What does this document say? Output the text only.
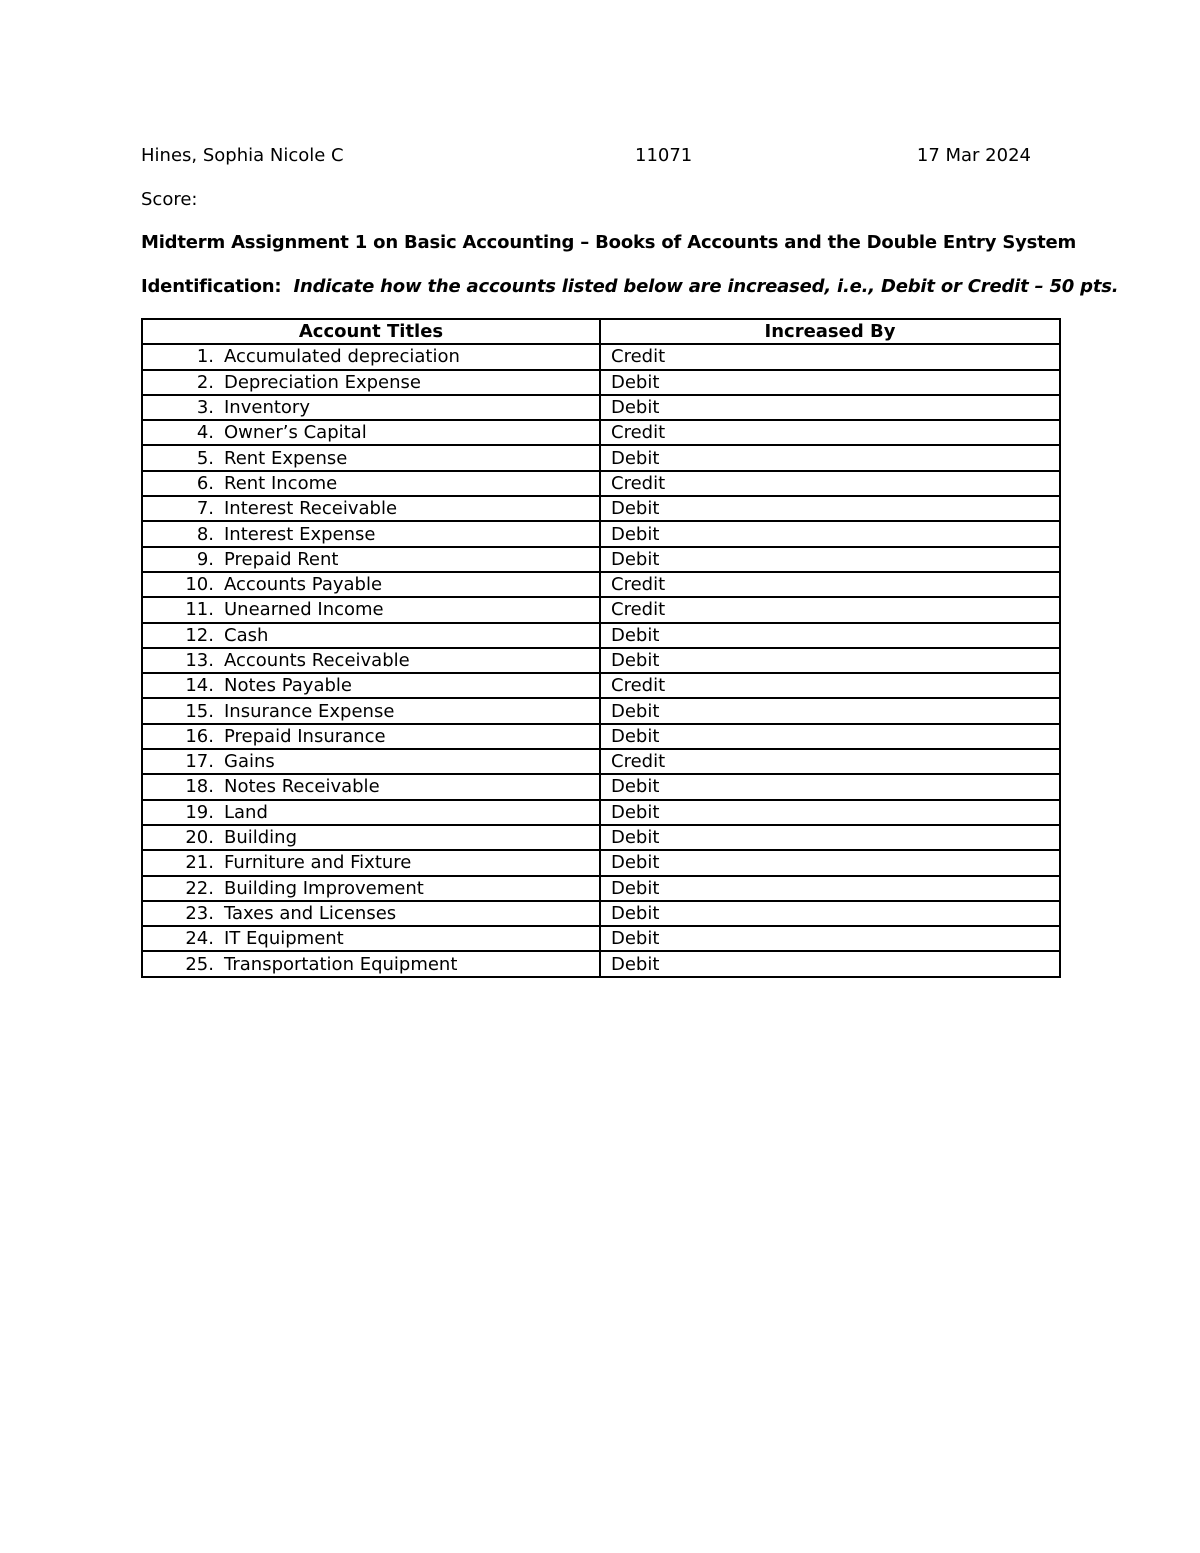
Hines, Sophia Nicole C	11071	17 Mar 2024
Score:
Midterm Assignment 1 on Basic Accounting – Books of Accounts and the Double Entry System
Identification: Indicate how the accounts listed below are increased, i.e., Debit or Credit – 50 pts.
Account Titles	Increased By
1. Accumulated depreciation	Credit
2. Depreciation Expense	Debit
3. Inventory	Debit
4. Owner’s Capital	Credit
5. Rent Expense	Debit
6. Rent Income	Credit
7. Interest Receivable	Debit
8. Interest Expense	Debit
9. Prepaid Rent	Debit
10. Accounts Payable	Credit
11. Unearned Income	Credit
12. Cash	Debit
13. Accounts Receivable	Debit
14. Notes Payable	Credit
15. Insurance Expense	Debit
16. Prepaid Insurance	Debit
17. Gains	Credit
18. Notes Receivable	Debit
19. Land	Debit
20. Building	Debit
21. Furniture and Fixture	Debit
22. Building Improvement	Debit
23. Taxes and Licenses	Debit
24. IT Equipment	Debit
25. Transportation Equipment	Debit
